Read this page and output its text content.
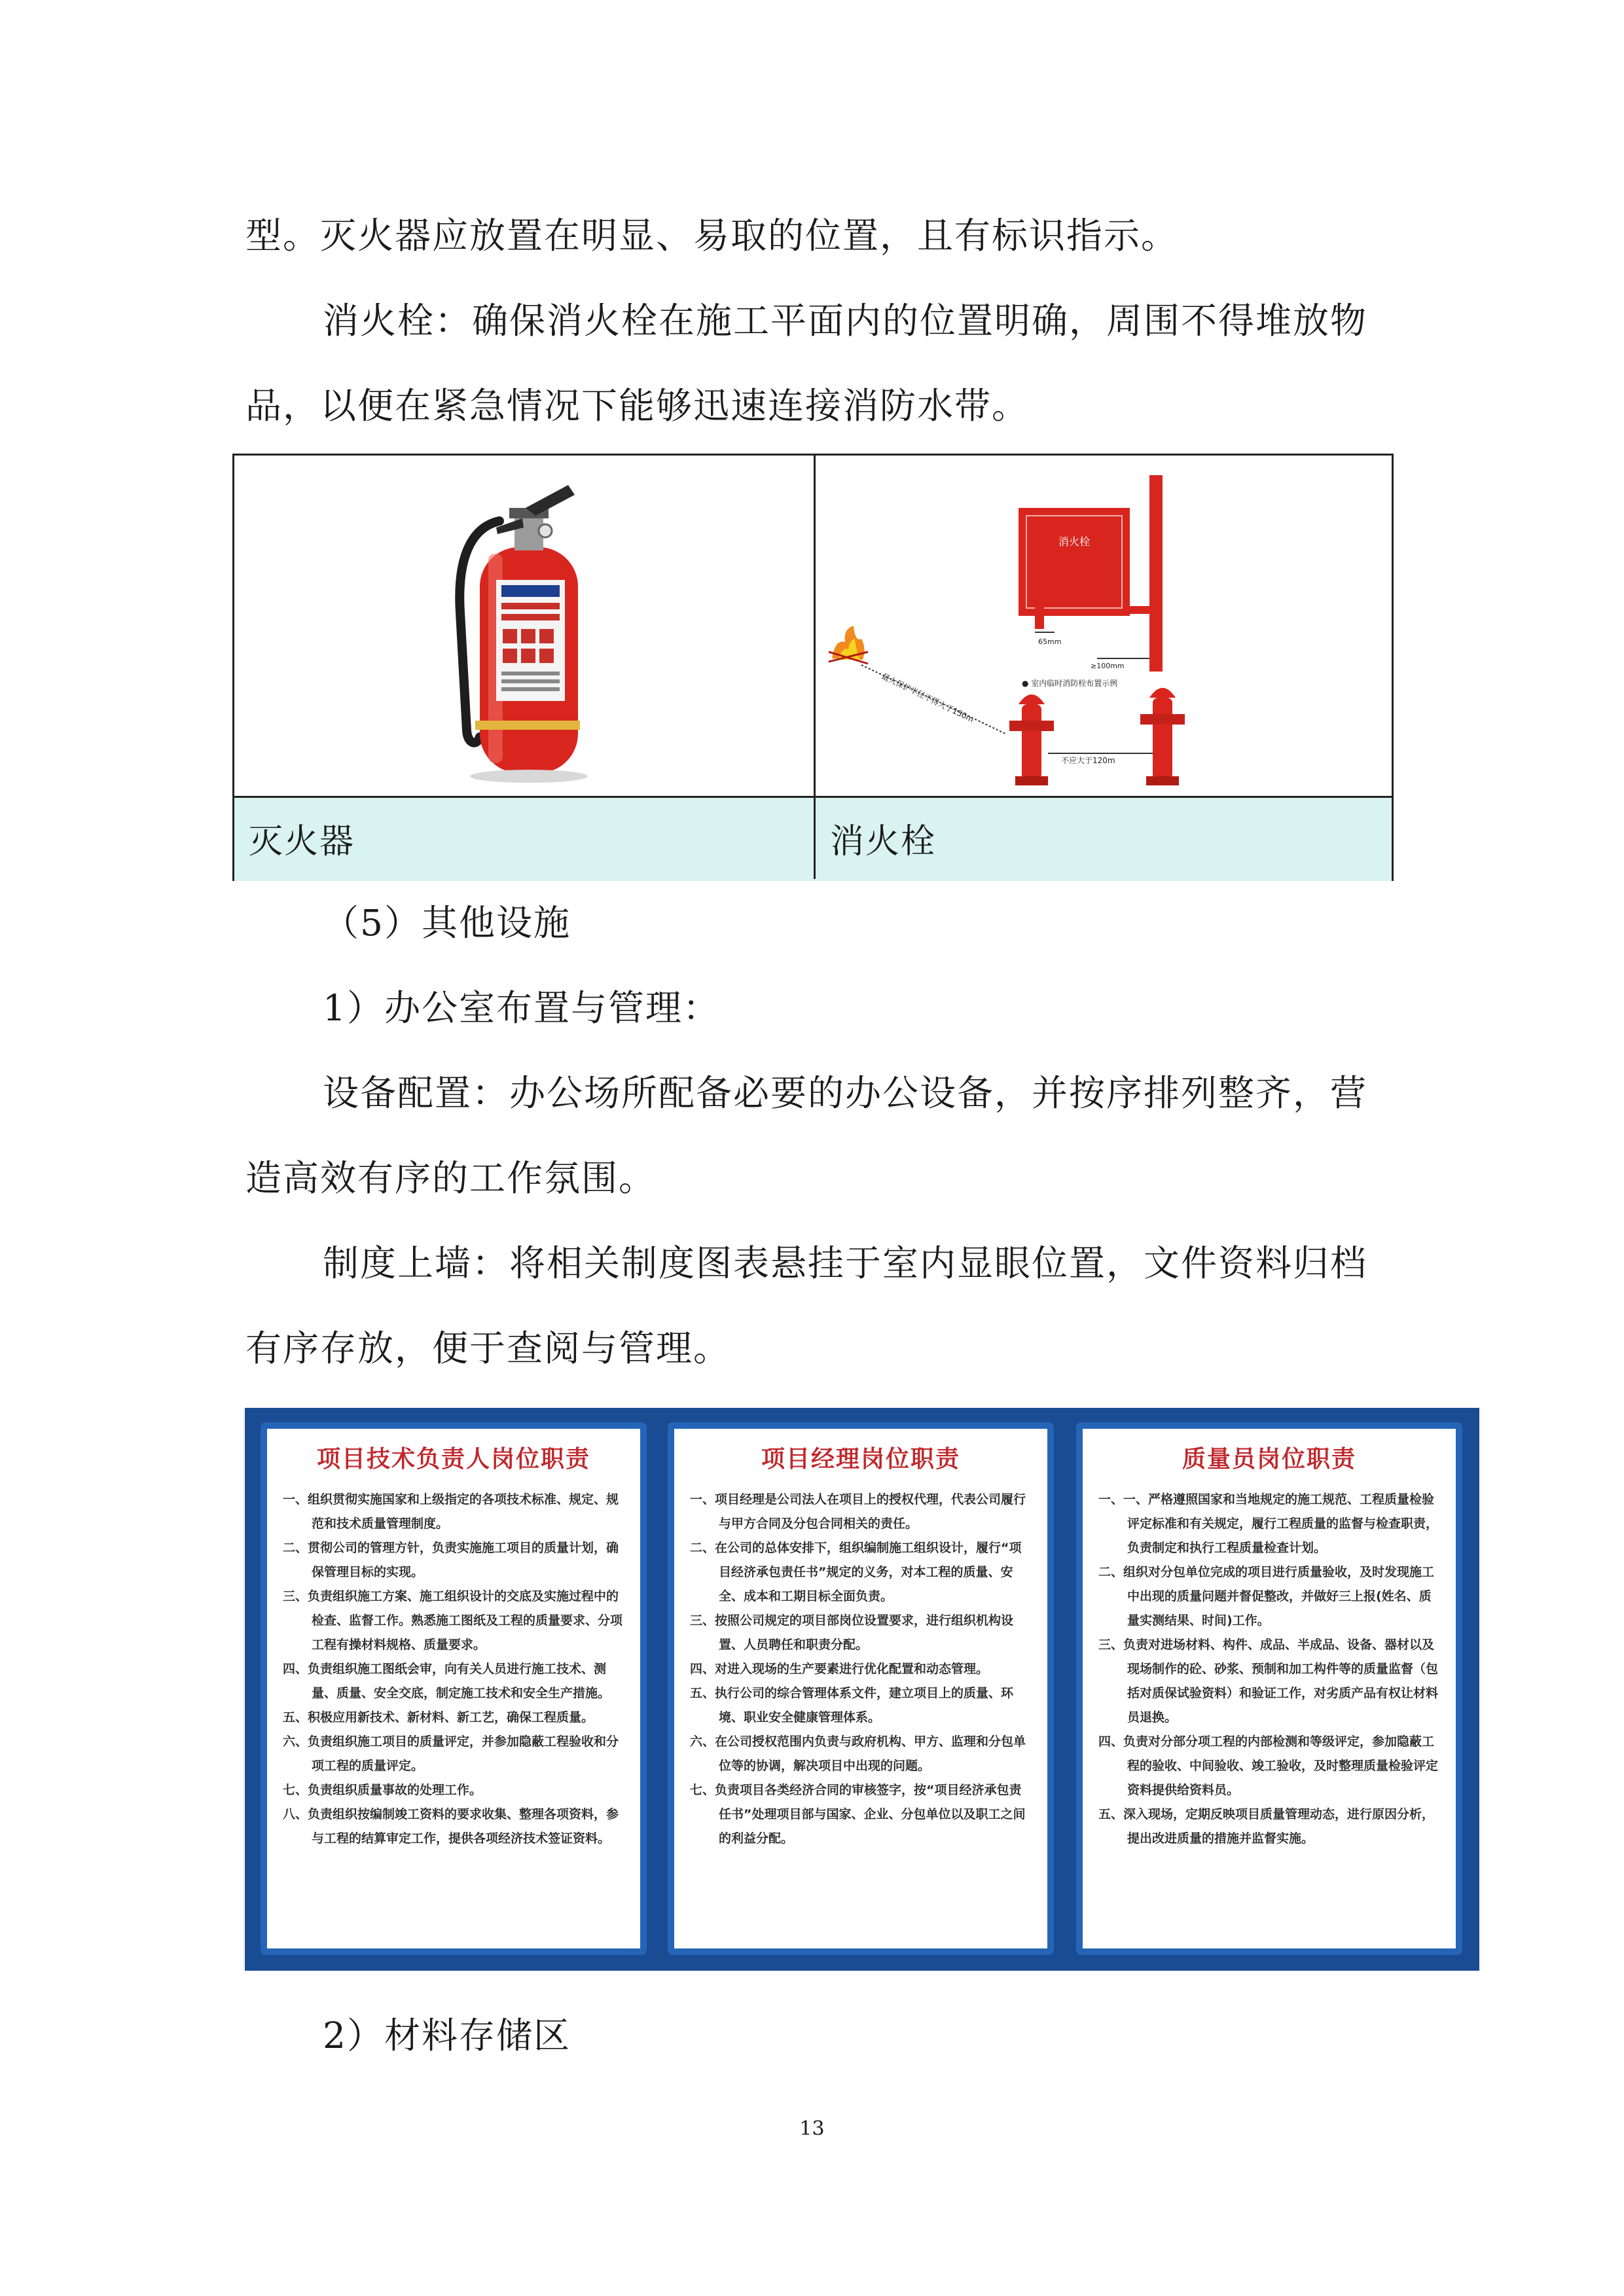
型。灭火器应放置在明显、易取的位置，且有标识指示。
消火栓：确保消火栓在施工平面内的位置明确，周围不得堆放物
品，以便在紧急情况下能够迅速连接消防水带。
消火栓
65mm
≥100mm
● 室内临时消防栓布置示例
最大保护半径不得大于150m
不应大于120m
灭火器	消火栓
（5）其他设施
1）办公室布置与管理：
设备配置：办公场所配备必要的办公设备，并按序排列整齐，营
造高效有序的工作氛围。
制度上墙：将相关制度图表悬挂于室内显眼位置，文件资料归档
有序存放，便于查阅与管理。
项目技术负责人岗位职责
一、组织贯彻实施国家和上级指定的各项技术标准、规定、规范和技术质量管理制度。
二、贯彻公司的管理方针，负责实施施工项目的质量计划，确保管理目标的实现。
三、负责组织施工方案、施工组织设计的交底及实施过程中的检查、监督工作。熟悉施工图纸及工程的质量要求、分项工程有操材料规格、质量要求。
四、负责组织施工图纸会审，向有关人员进行施工技术、测量、质量、安全交底，制定施工技术和安全生产措施。
五、积极应用新技术、新材料、新工艺，确保工程质量。
六、负责组织施工项目的质量评定，并参加隐蔽工程验收和分项工程的质量评定。
七、负责组织质量事故的处理工作。
八、负责组织按编制竣工资料的要求收集、整理各项资料，参与工程的结算审定工作，提供各项经济技术签证资料。
项目经理岗位职责
一、项目经理是公司法人在项目上的授权代理，代表公司履行与甲方合同及分包合同相关的责任。
二、在公司的总体安排下，组织编制施工组织设计，履行“项目经济承包责任书”规定的义务，对本工程的质量、安全、成本和工期目标全面负责。
三、按照公司规定的项目部岗位设置要求，进行组织机构设置、人员聘任和职责分配。
四、对进入现场的生产要素进行优化配置和动态管理。
五、执行公司的综合管理体系文件，建立项目上的质量、环境、职业安全健康管理体系。
六、在公司授权范围内负责与政府机构、甲方、监理和分包单位等的协调，解决项目中出现的问题。
七、负责项目各类经济合同的审核签字，按“项目经济承包责任书”处理项目部与国家、企业、分包单位以及职工之间的利益分配。
质量员岗位职责
一、一、严格遵照国家和当地规定的施工规范、工程质量检验评定标准和有关规定，履行工程质量的监督与检查职责，负责制定和执行工程质量检查计划。
二、组织对分包单位完成的项目进行质量验收，及时发现施工中出现的质量问题并督促整改，并做好三上报(姓名、质量实测结果、时间)工作。
三、负责对进场材料、构件、成品、半成品、设备、器材以及现场制作的砼、砂浆、预制和加工构件等的质量监督（包括对质保试验资料）和验证工作，对劣质产品有权让材料员退换。
四、负责对分部分项工程的内部检测和等级评定，参加隐蔽工程的验收、中间验收、竣工验收，及时整理质量检验评定资料提供给资料员。
五、深入现场，定期反映项目质量管理动态，进行原因分析，提出改进质量的措施并监督实施。
2）材料存储区
13
